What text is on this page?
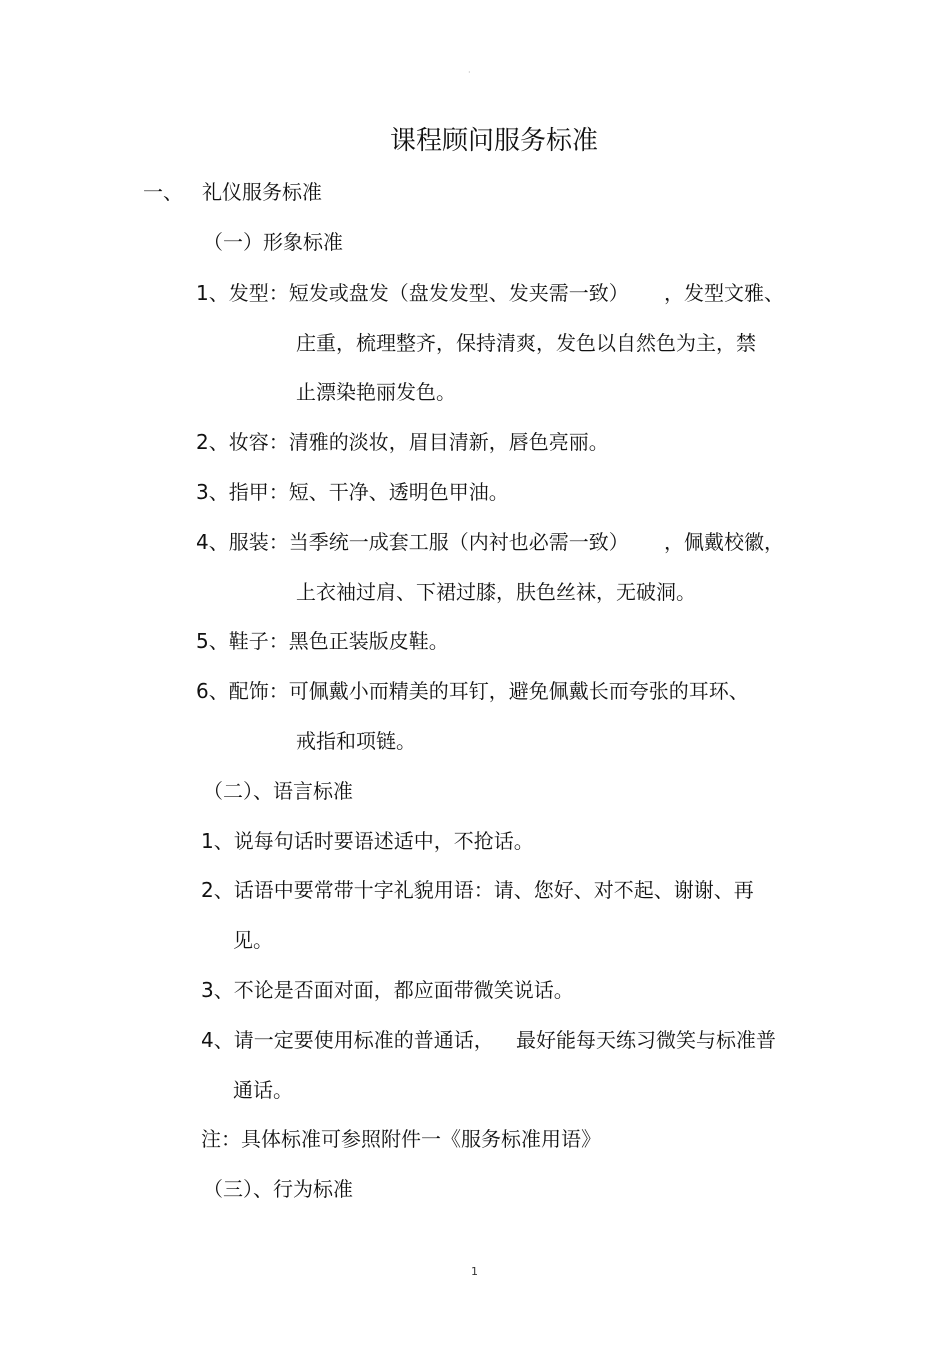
·
课程顾问服务标准
一、 礼仪服务标准
（一）形象标准
1、发型：短发或盘发（盘发发型、发夹需一致） ，发型文雅、
庄重，梳理整齐，保持清爽，发色以自然色为主，禁
止漂染艳丽发色。
2、妆容：清雅的淡妆，眉目清新，唇色亮丽。
3、指甲：短、干净、透明色甲油。
4、服装：当季统一成套工服（内衬也必需一致） ，佩戴校徽，
上衣袖过肩、下裙过膝，肤色丝袜，无破洞。
5、鞋子：黑色正装版皮鞋。
6、配饰：可佩戴小而精美的耳钉，避免佩戴长而夸张的耳环、
戒指和项链。
（二）、语言标准
1、说每句话时要语述适中，不抢话。
2、话语中要常带十字礼貌用语：请、您好、对不起、谢谢、再
见。
3、不论是否面对面，都应面带微笑说话。
4、请一定要使用标准的普通话， 最好能每天练习微笑与标准普
通话。
注：具体标准可参照附件一《服务标准用语》
（三）、行为标准
1
